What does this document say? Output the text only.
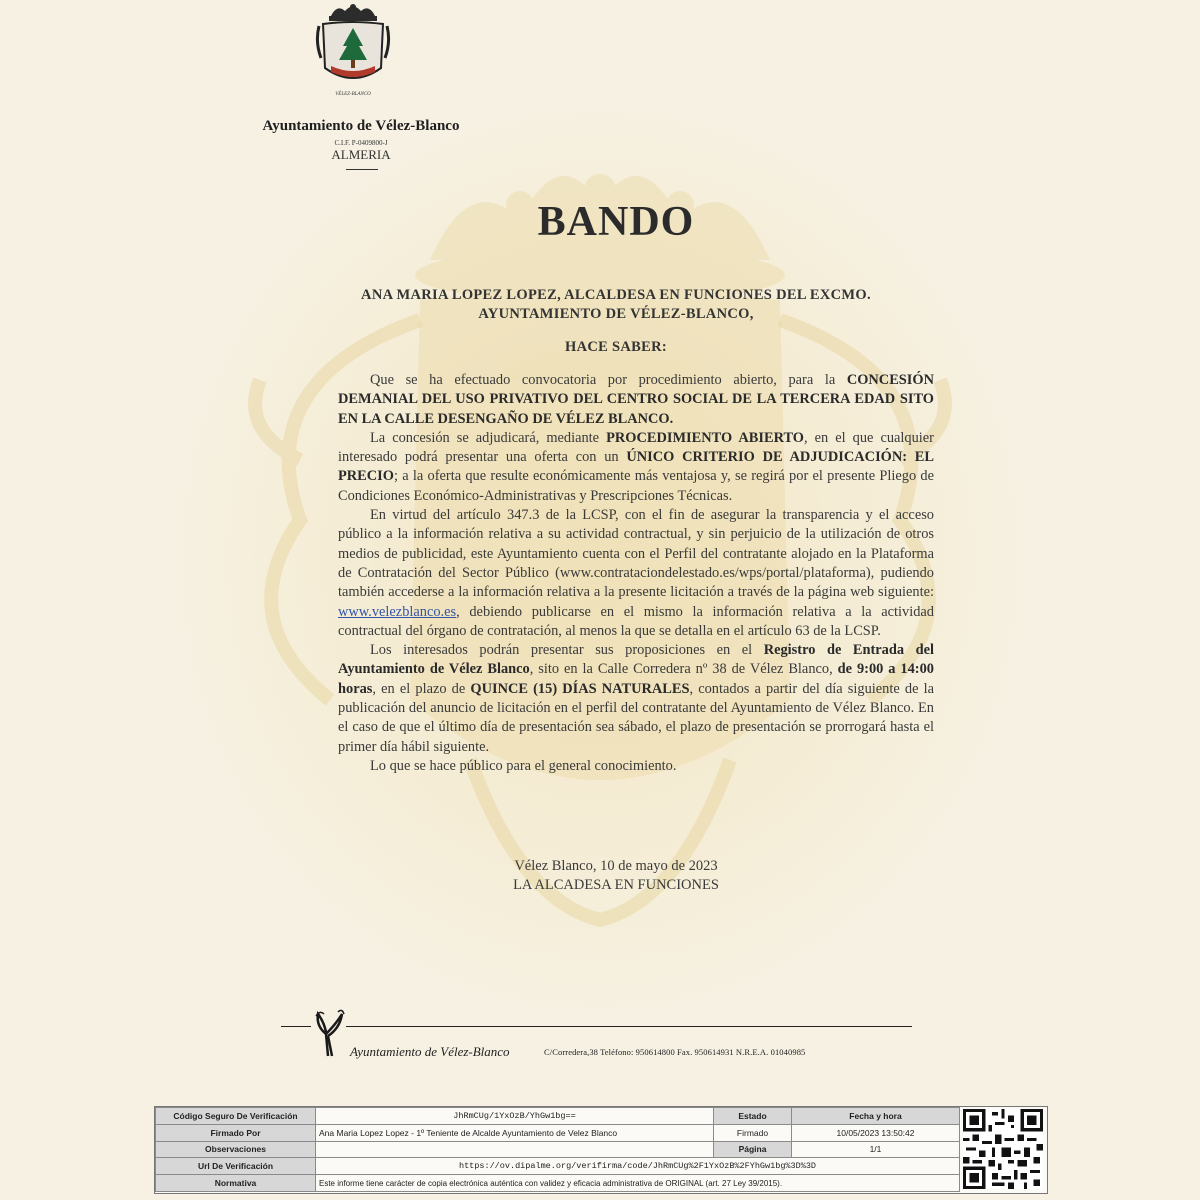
VÉLEZ-BLANCO
Ayuntamiento de Vélez-Blanco
C.I.F. P-0409800-J
ALMERIA
BANDO
ANA MARIA LOPEZ LOPEZ, ALCALDESA EN FUNCIONES DEL EXCMO. AYUNTAMIENTO DE VÉLEZ-BLANCO,
HACE SABER:

Que se ha efectuado convocatoria por procedimiento abierto, para la CONCESIÓN DEMANIAL DEL USO PRIVATIVO DEL CENTRO SOCIAL DE LA TERCERA EDAD SITO EN LA CALLE DESENGAÑO DE VÉLEZ BLANCO.

La concesión se adjudicará, mediante PROCEDIMIENTO ABIERTO, en el que cualquier interesado podrá presentar una oferta con un ÚNICO CRITERIO DE ADJUDICACIÓN: EL PRECIO; a la oferta que resulte económicamente más ventajosa y, se regirá por el presente Pliego de Condiciones Económico-Administrativas y Prescripciones Técnicas.

En virtud del artículo 347.3 de la LCSP, con el fin de asegurar la transparencia y el acceso público a la información relativa a su actividad contractual, y sin perjuicio de la utilización de otros medios de publicidad, este Ayuntamiento cuenta con el Perfil del contratante alojado en la Plataforma de Contratación del Sector Público (www.contrataciondelestado.es/wps/portal/plataforma), pudiendo también accederse a la información relativa a la presente licitación a través de la página web siguiente: www.velezblanco.es, debiendo publicarse en el mismo la información relativa a la actividad contractual del órgano de contratación, al menos la que se detalla en el artículo 63 de la LCSP.

Los interesados podrán presentar sus proposiciones en el Registro de Entrada del Ayuntamiento de Vélez Blanco, sito en la Calle Corredera nº 38 de Vélez Blanco, de 9:00 a 14:00 horas, en el plazo de QUINCE (15) DÍAS NATURALES, contados a partir del día siguiente de la publicación del anuncio de licitación en el perfil del contratante del Ayuntamiento de Vélez Blanco. En el caso de que el último día de presentación sea sábado, el plazo de presentación se prorrogará hasta el primer día hábil siguiente.

Lo que se hace público para el general conocimiento.

Vélez Blanco, 10 de mayo de 2023
LA ALCADESA EN FUNCIONES
Ayuntamiento de Vélez-Blanco	C/Corredera,38 Teléfono: 950614800 Fax. 950614931 N.R.E.A. 01040985
Código Seguro De Verificación	JhRmCUg/1YxOzB/YhGw1bg==	Estado	Fecha y hora
Firmado Por	Ana Maria Lopez Lopez - 1º Teniente de Alcalde Ayuntamiento de Velez Blanco	Firmado	10/05/2023 13:50:42
Observaciones		Página	1/1
Url De Verificación	https://ov.dipalme.org/verifirma/code/JhRmCUg%2F1YxOzB%2FYhGw1bg%3D%3D		
Normativa	Este informe tiene carácter de copia electrónica auténtica con validez y eficacia administrativa de ORIGINAL (art. 27 Ley 39/2015).		
